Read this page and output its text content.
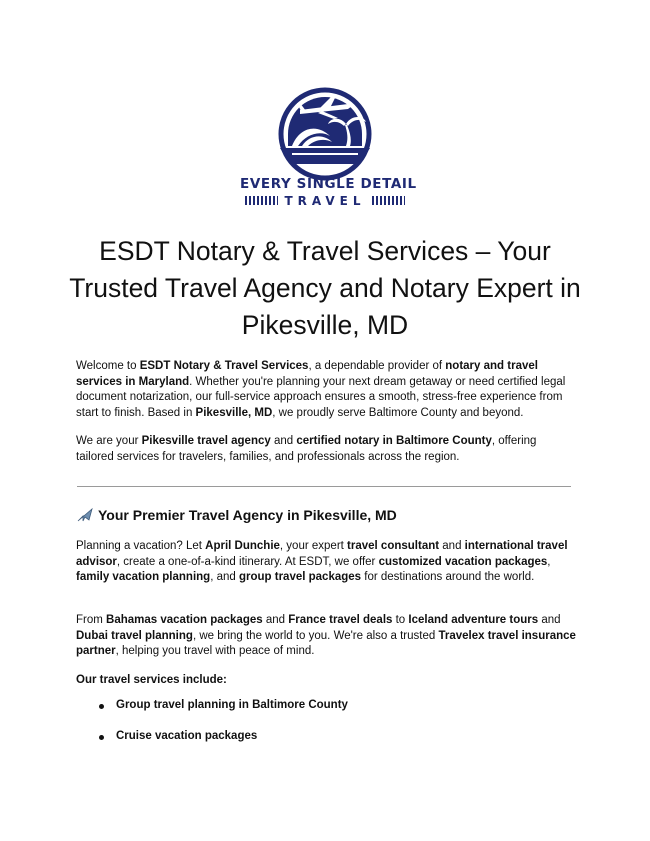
EVERY SINGLE DETAIL
TRAVEL
ESDT Notary & Travel Services – Your Trusted Travel Agency and Notary Expert in Pikesville, MD

Welcome to ESDT Notary & Travel Services, a dependable provider of notary and travel services in Maryland. Whether you're planning your next dream getaway or need certified legal document notarization, our full-service approach ensures a smooth, stress-free experience from start to finish. Based in Pikesville, MD, we proudly serve Baltimore County and beyond.

We are your Pikesville travel agency and certified notary in Baltimore County, offering tailored services for travelers, families, and professionals across the region.

Your Premier Travel Agency in Pikesville, MD

Planning a vacation? Let April Dunchie, your expert travel consultant and international travel advisor, create a one-of-a-kind itinerary. At ESDT, we offer customized vacation packages, family vacation planning, and group travel packages for destinations around the world.

From Bahamas vacation packages and France travel deals to Iceland adventure tours and Dubai travel planning, we bring the world to you. We're also a trusted Travelex travel insurance partner, helping you travel with peace of mind.

Our travel services include:

Group travel planning in Baltimore County
Cruise vacation packages
